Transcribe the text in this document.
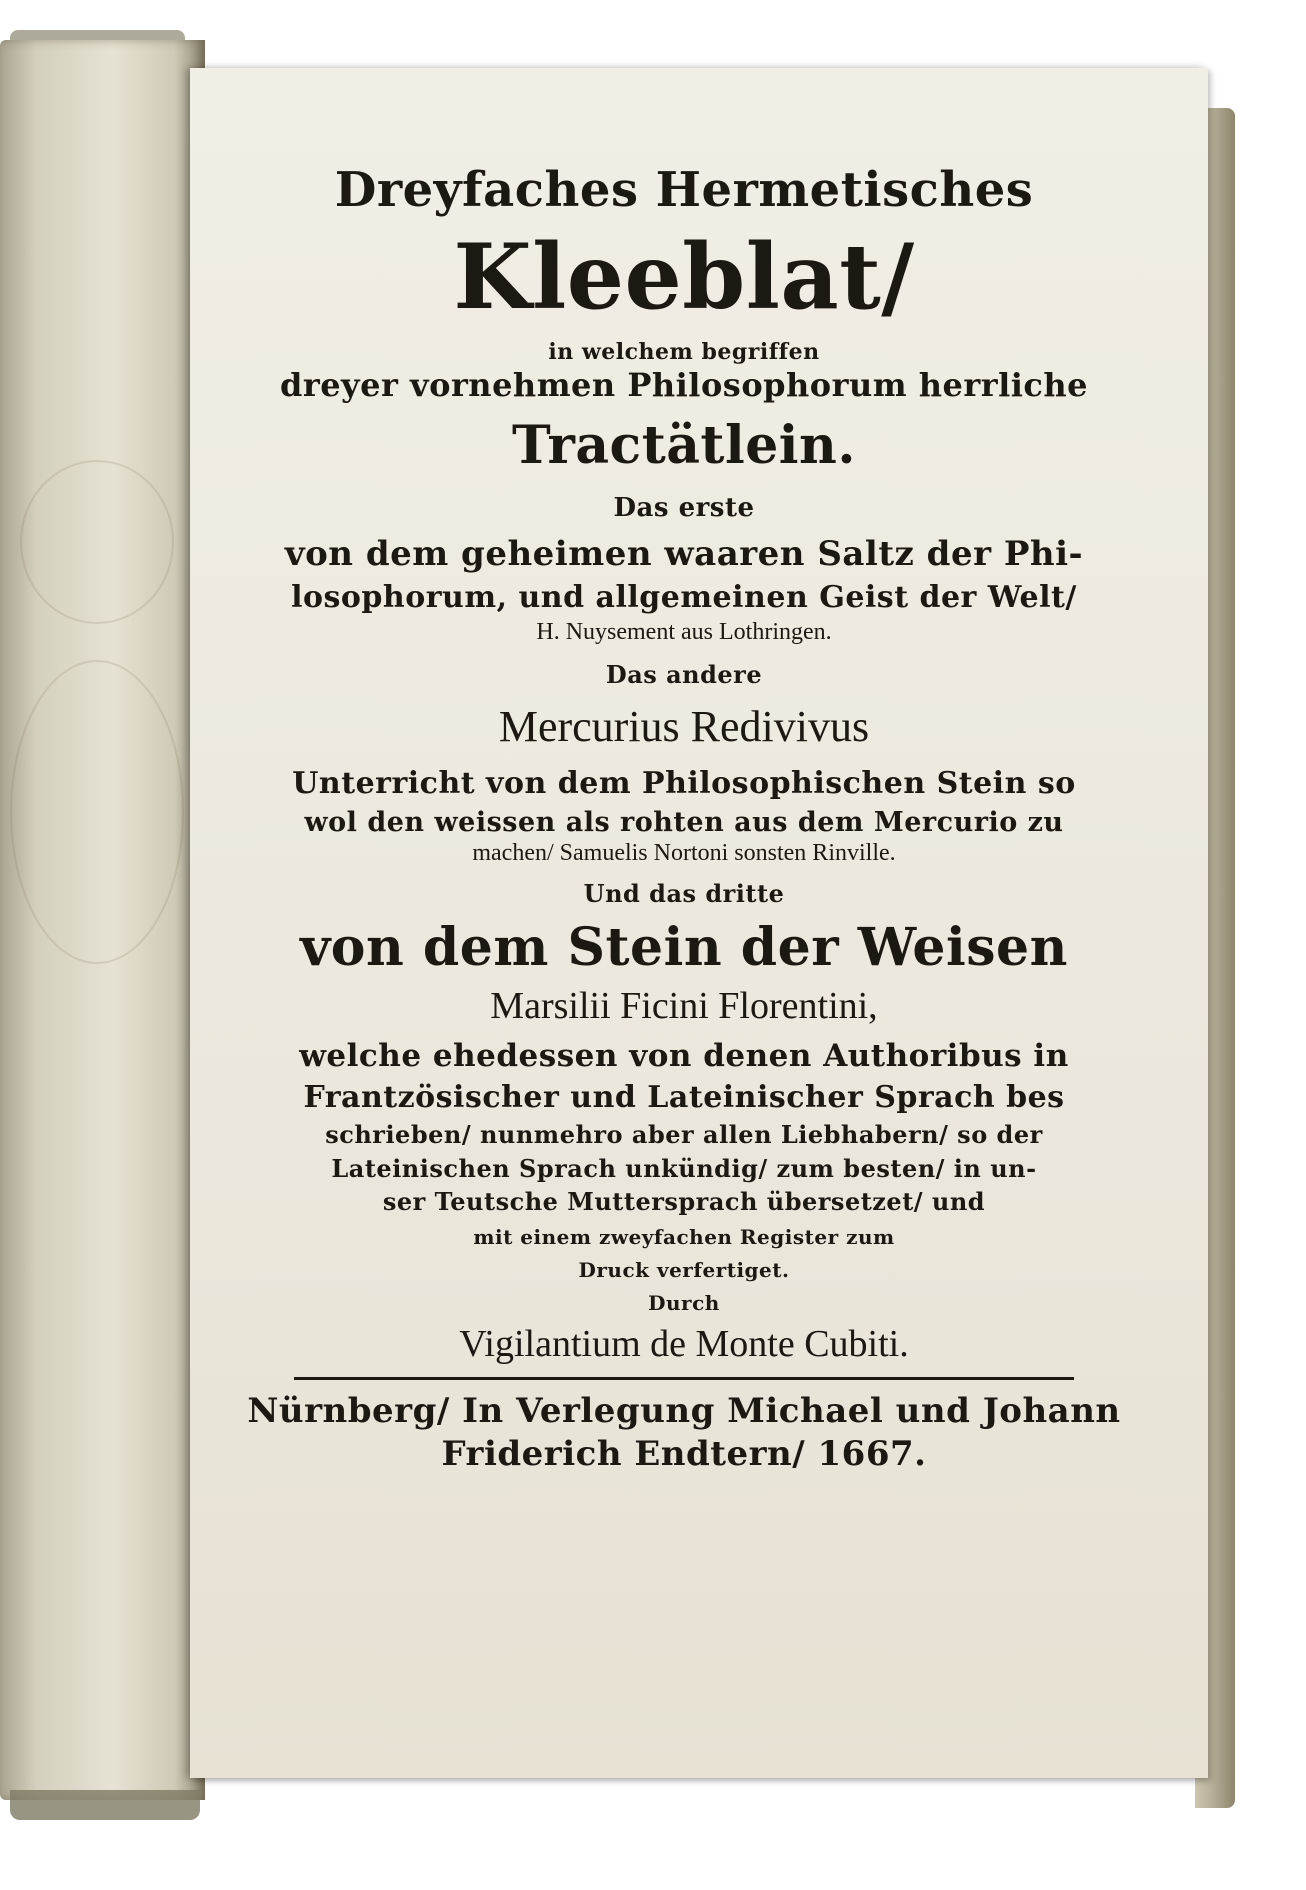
Dreyfaches Hermetisches
Kleeblat/
in welchem begriffen
dreyer vornehmen Philosophorum herrliche
Tractätlein.
Das erste
von dem geheimen waaren Saltz der Phi-
losophorum, und allgemeinen Geist der Welt/
H. Nuysement aus Lothringen.
Das andere
Mercurius Redivivus
Unterricht von dem Philosophischen Stein so
wol den weissen als rohten aus dem Mercurio zu
machen/ Samuelis Nortoni sonsten Rinville.
Und das dritte
von dem Stein der Weisen
Marsilii Ficini Florentini,
welche ehedessen von denen Authoribus in
Frantzösischer und Lateinischer Sprach bes
schrieben/ nunmehro aber allen Liebhabern/ so der
Lateinischen Sprach unkündig/ zum besten/ in un-
ser Teutsche Muttersprach übersetzet/ und
mit einem zweyfachen Register zum
Druck verfertiget.
Durch
Vigilantium de Monte Cubiti.
Nürnberg/ In Verlegung Michael und Johann
Friderich Endtern/ 1667.
